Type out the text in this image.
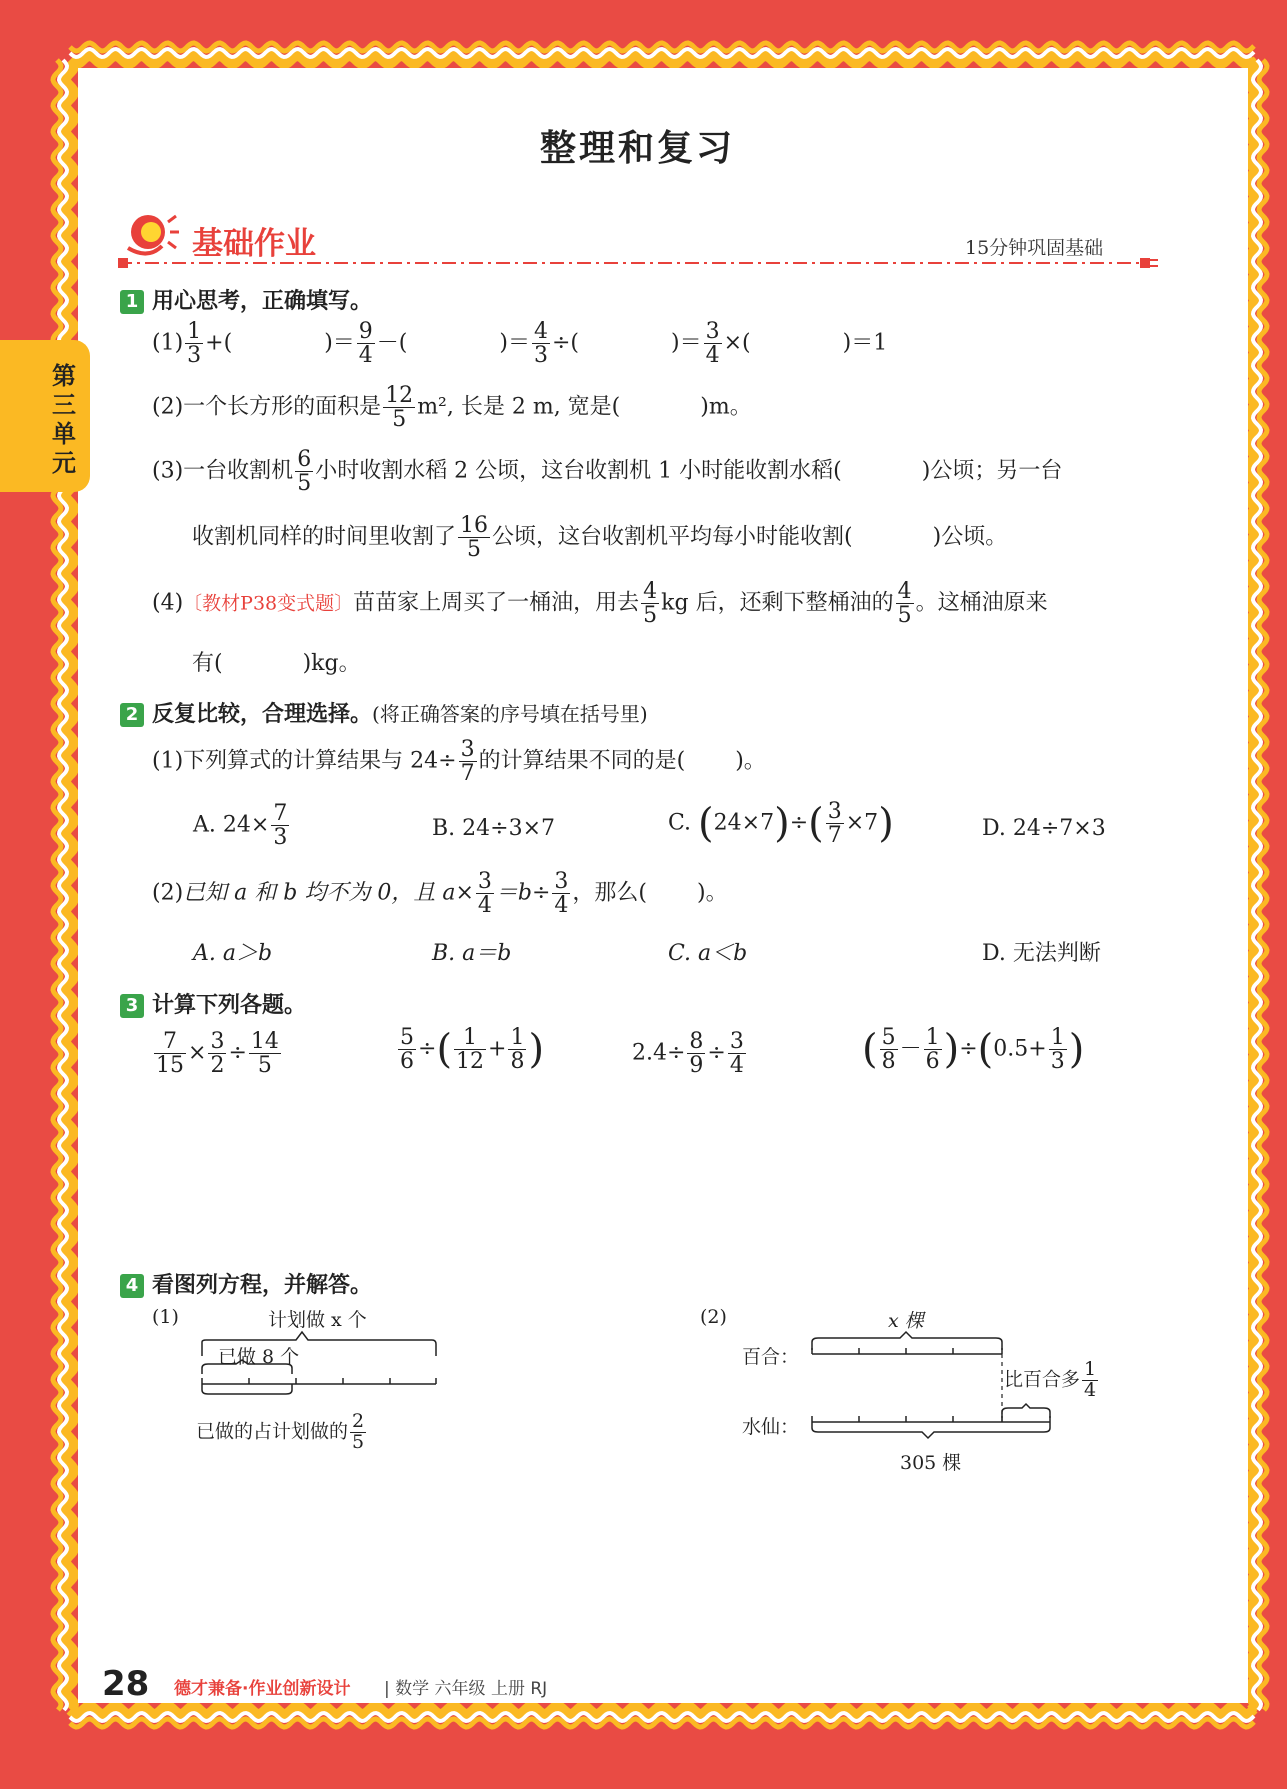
第三单元
整理和复习
基础作业	15分钟巩固基础
1 用心思考，正确填写。
$(1) \frac{1}{3}$ +(	)＝ $\frac{9}{4}$ －(	)＝ $\frac{4}{3}$ ÷(	)＝ $\frac{3}{4}$ ×(	)＝1
(2)一个长方形的面积是 $\frac{12}{5} m^2$, 长是 2 m, 宽是(	)m。
(3)一台收割机 $\frac{6}{5}$ 小时收割水稻 2 公顷，这台收割机 1 小时能收割水稻(	)公顷；另一台
收割机同样的时间里收割了 $\frac{16}{5}$ 公顷，这台收割机平均每小时能收割(	)公顷。
(4)〔教材P38变式题〕苗苗家上周买了一桶油，用去 $\frac{4}{5}$ kg 后，还剩下整桶油的 $\frac{4}{5}$ 。这桶油原来
有(	)kg。
2 反复比较，合理选择。(将正确答案的序号填在括号里)
(1)下列算式的计算结果与 $24\div \frac{3}{7}$ 的计算结果不同的是( )。
A. $24\times \frac{7}{3}$	B. 24÷3×7	C. $(24\times 7)\div( \frac{3}{7} \times 7)$	D. 24÷7×3
(2)已知 a 和 b 均不为 0，且 $a\times \frac{3}{4} =b\div \frac{3}{4}$ ，那么( )。
A. a＞b	B. a＝b	C. a＜b	D. 无法判断
3 计算下列各题。
$\frac{7}{15} \times \frac{3}{2} \div \frac{14}{5}$	$\frac{5}{6}$ ÷( $\frac{1}{12} + \frac{1}{8}$ )	$2.4\div \frac{8}{9} \div \frac{3}{4}$	( $\frac{5}{8} - \frac{1}{6} )\div(0.5+ \frac{1}{3}$ )
4 看图列方程，并解答。
(1)	计划做 x 个
已做 8 个
已做的占计划做的 $\frac{2}{5}$
(2)	x 棵
百合：
水仙：
比百合多 $\frac{1}{4}$
305 棵
28 德才兼备·作业创新设计 | 数学 六年级 上册 RJ
